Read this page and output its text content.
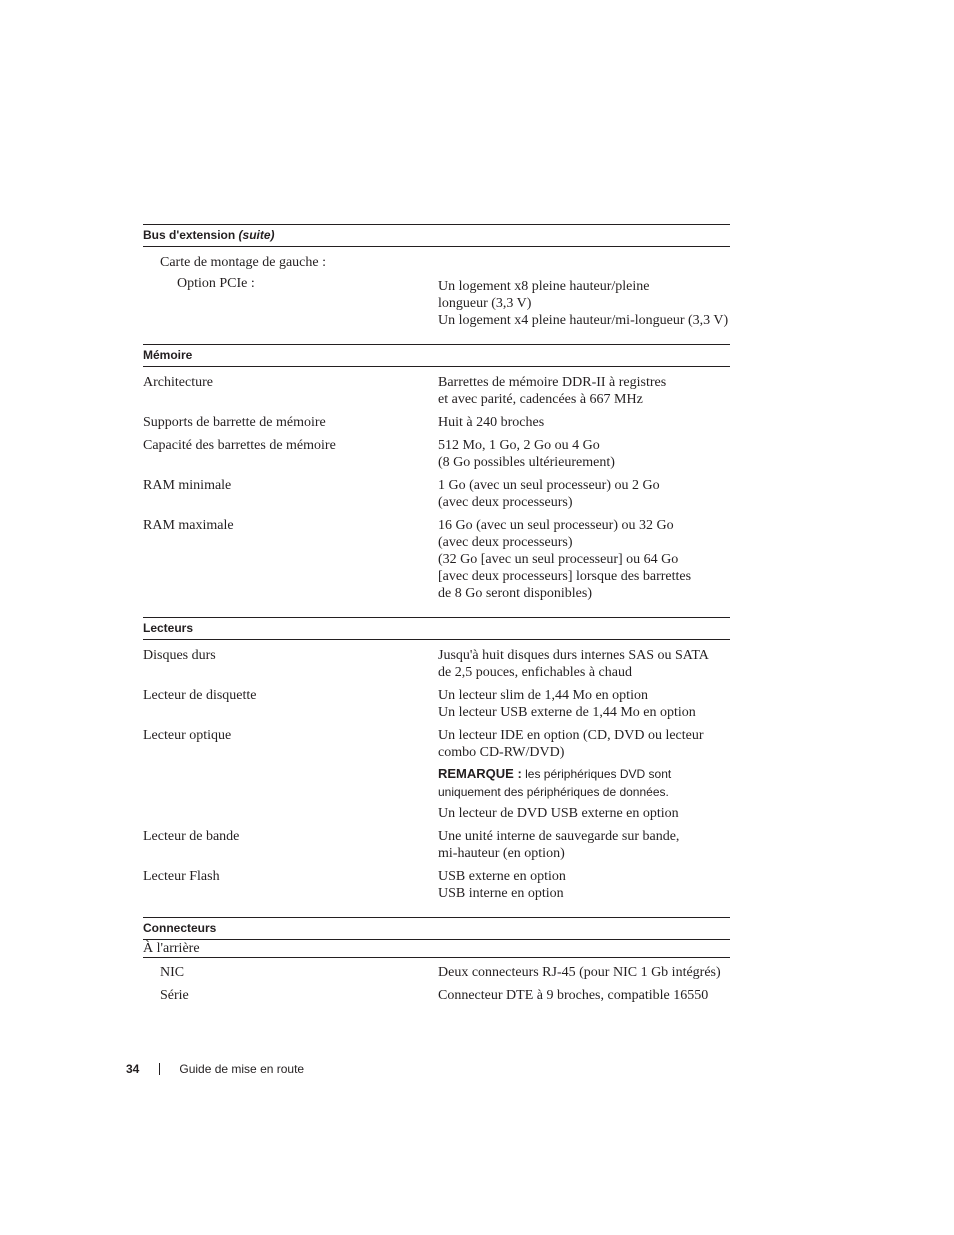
Bus d'extension (suite)
Carte de montage de gauche :
Option PCIe :	Un logement x8 pleine hauteur/pleine
longueur (3,3 V)
Un logement x4 pleine hauteur/mi-longueur (3,3 V)
Mémoire
Architecture	Barrettes de mémoire DDR-II à registres
et avec parité, cadencées à 667 MHz
Supports de barrette de mémoire	Huit à 240 broches
Capacité des barrettes de mémoire	512 Mo, 1 Go, 2 Go ou 4 Go
(8 Go possibles ultérieurement)
RAM minimale	1 Go (avec un seul processeur) ou 2 Go
(avec deux processeurs)
RAM maximale	16 Go (avec un seul processeur) ou 32 Go
(avec deux processeurs)
(32 Go [avec un seul processeur] ou 64 Go
[avec deux processeurs] lorsque des barrettes
de 8 Go seront disponibles)
Lecteurs
Disques durs	Jusqu'à huit disques durs internes SAS ou SATA
de 2,5 pouces, enfichables à chaud
Lecteur de disquette	Un lecteur slim de 1,44 Mo en option
Un lecteur USB externe de 1,44 Mo en option
Lecteur optique	Un lecteur IDE en option (CD, DVD ou lecteur
combo CD-RW/DVD)
REMARQUE : les périphériques DVD sont
uniquement des périphériques de données.
Un lecteur de DVD USB externe en option
Lecteur de bande	Une unité interne de sauvegarde sur bande,
mi-hauteur (en option)
Lecteur Flash	USB externe en option
USB interne en option
Connecteurs
À l'arrière
NIC	Deux connecteurs RJ-45 (pour NIC 1 Gb intégrés)
Série	Connecteur DTE à 9 broches, compatible 16550
34	Guide de mise en route
